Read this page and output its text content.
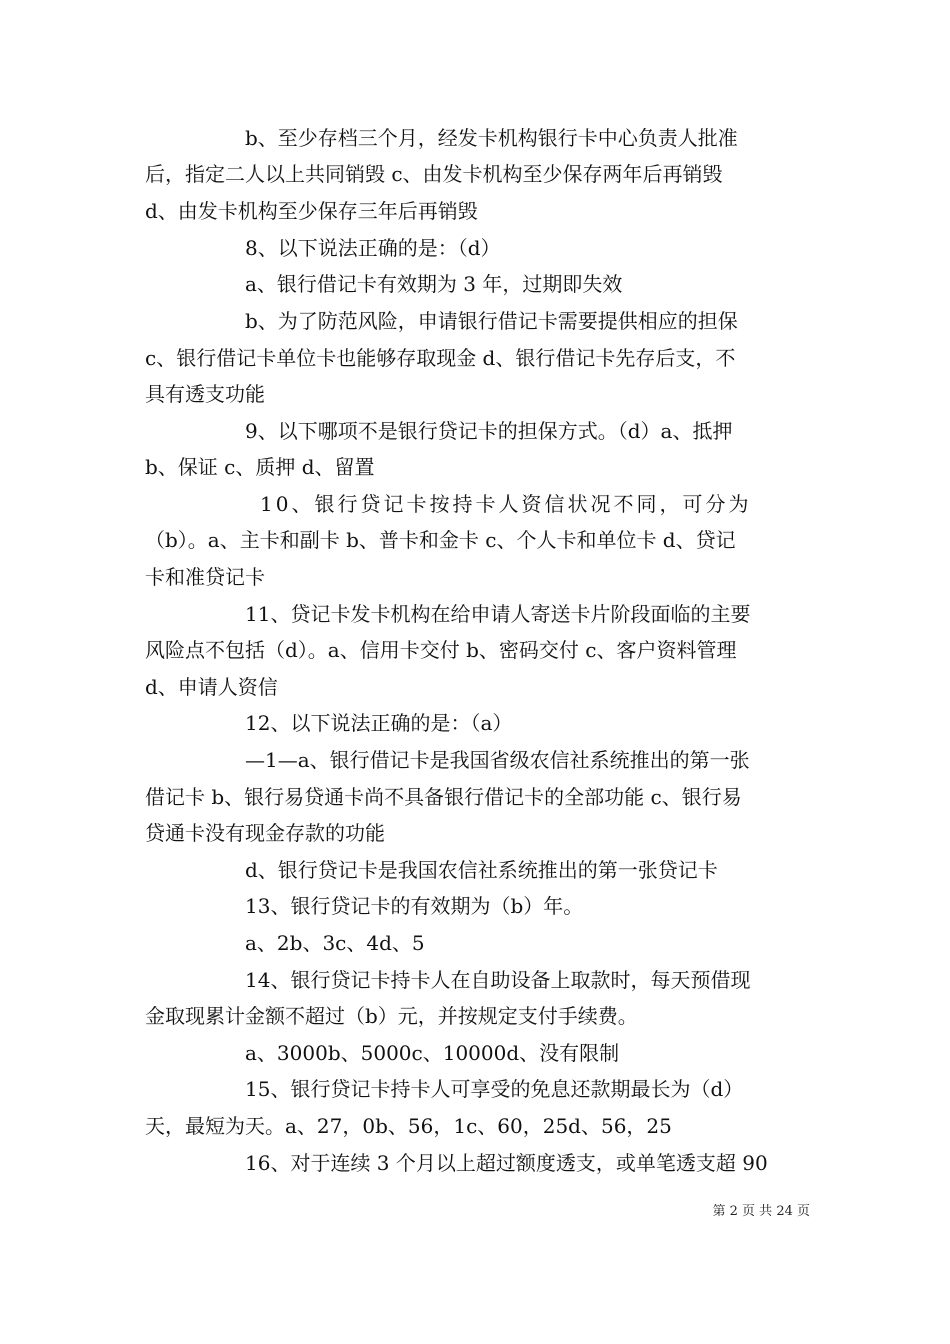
b、至少存档三个月，经发卡机构银行卡中心负责人批准
后，指定二人以上共同销毁 c、由发卡机构至少保存两年后再销毁
d、由发卡机构至少保存三年后再销毁
8、以下说法正确的是：（d）
a、银行借记卡有效期为 3 年，过期即失效
b、为了防范风险，申请银行借记卡需要提供相应的担保
c、银行借记卡单位卡也能够存取现金 d、银行借记卡先存后支，不
具有透支功能
9、以下哪项不是银行贷记卡的担保方式。（d）a、抵押
b、保证 c、质押 d、留置
10、银行贷记卡按持卡人资信状况不同，可分为
（b）。a、主卡和副卡 b、普卡和金卡 c、个人卡和单位卡 d、贷记
卡和准贷记卡
11、贷记卡发卡机构在给申请人寄送卡片阶段面临的主要
风险点不包括（d）。a、信用卡交付 b、密码交付 c、客户资料管理
d、申请人资信
12、以下说法正确的是：（a）
—1—a、银行借记卡是我国省级农信社系统推出的第一张
借记卡 b、银行易贷通卡尚不具备银行借记卡的全部功能 c、银行易
贷通卡没有现金存款的功能
d、银行贷记卡是我国农信社系统推出的第一张贷记卡
13、银行贷记卡的有效期为（b）年。
a、2b、3c、4d、5
14、银行贷记卡持卡人在自助设备上取款时，每天预借现
金取现累计金额不超过（b）元，并按规定支付手续费。
a、3000b、5000c、10000d、没有限制
15、银行贷记卡持卡人可享受的免息还款期最长为（d）
天，最短为天。a、27，0b、56，1c、60，25d、56，25
16、对于连续 3 个月以上超过额度透支，或单笔透支超 90
第 2 页 共 24 页
